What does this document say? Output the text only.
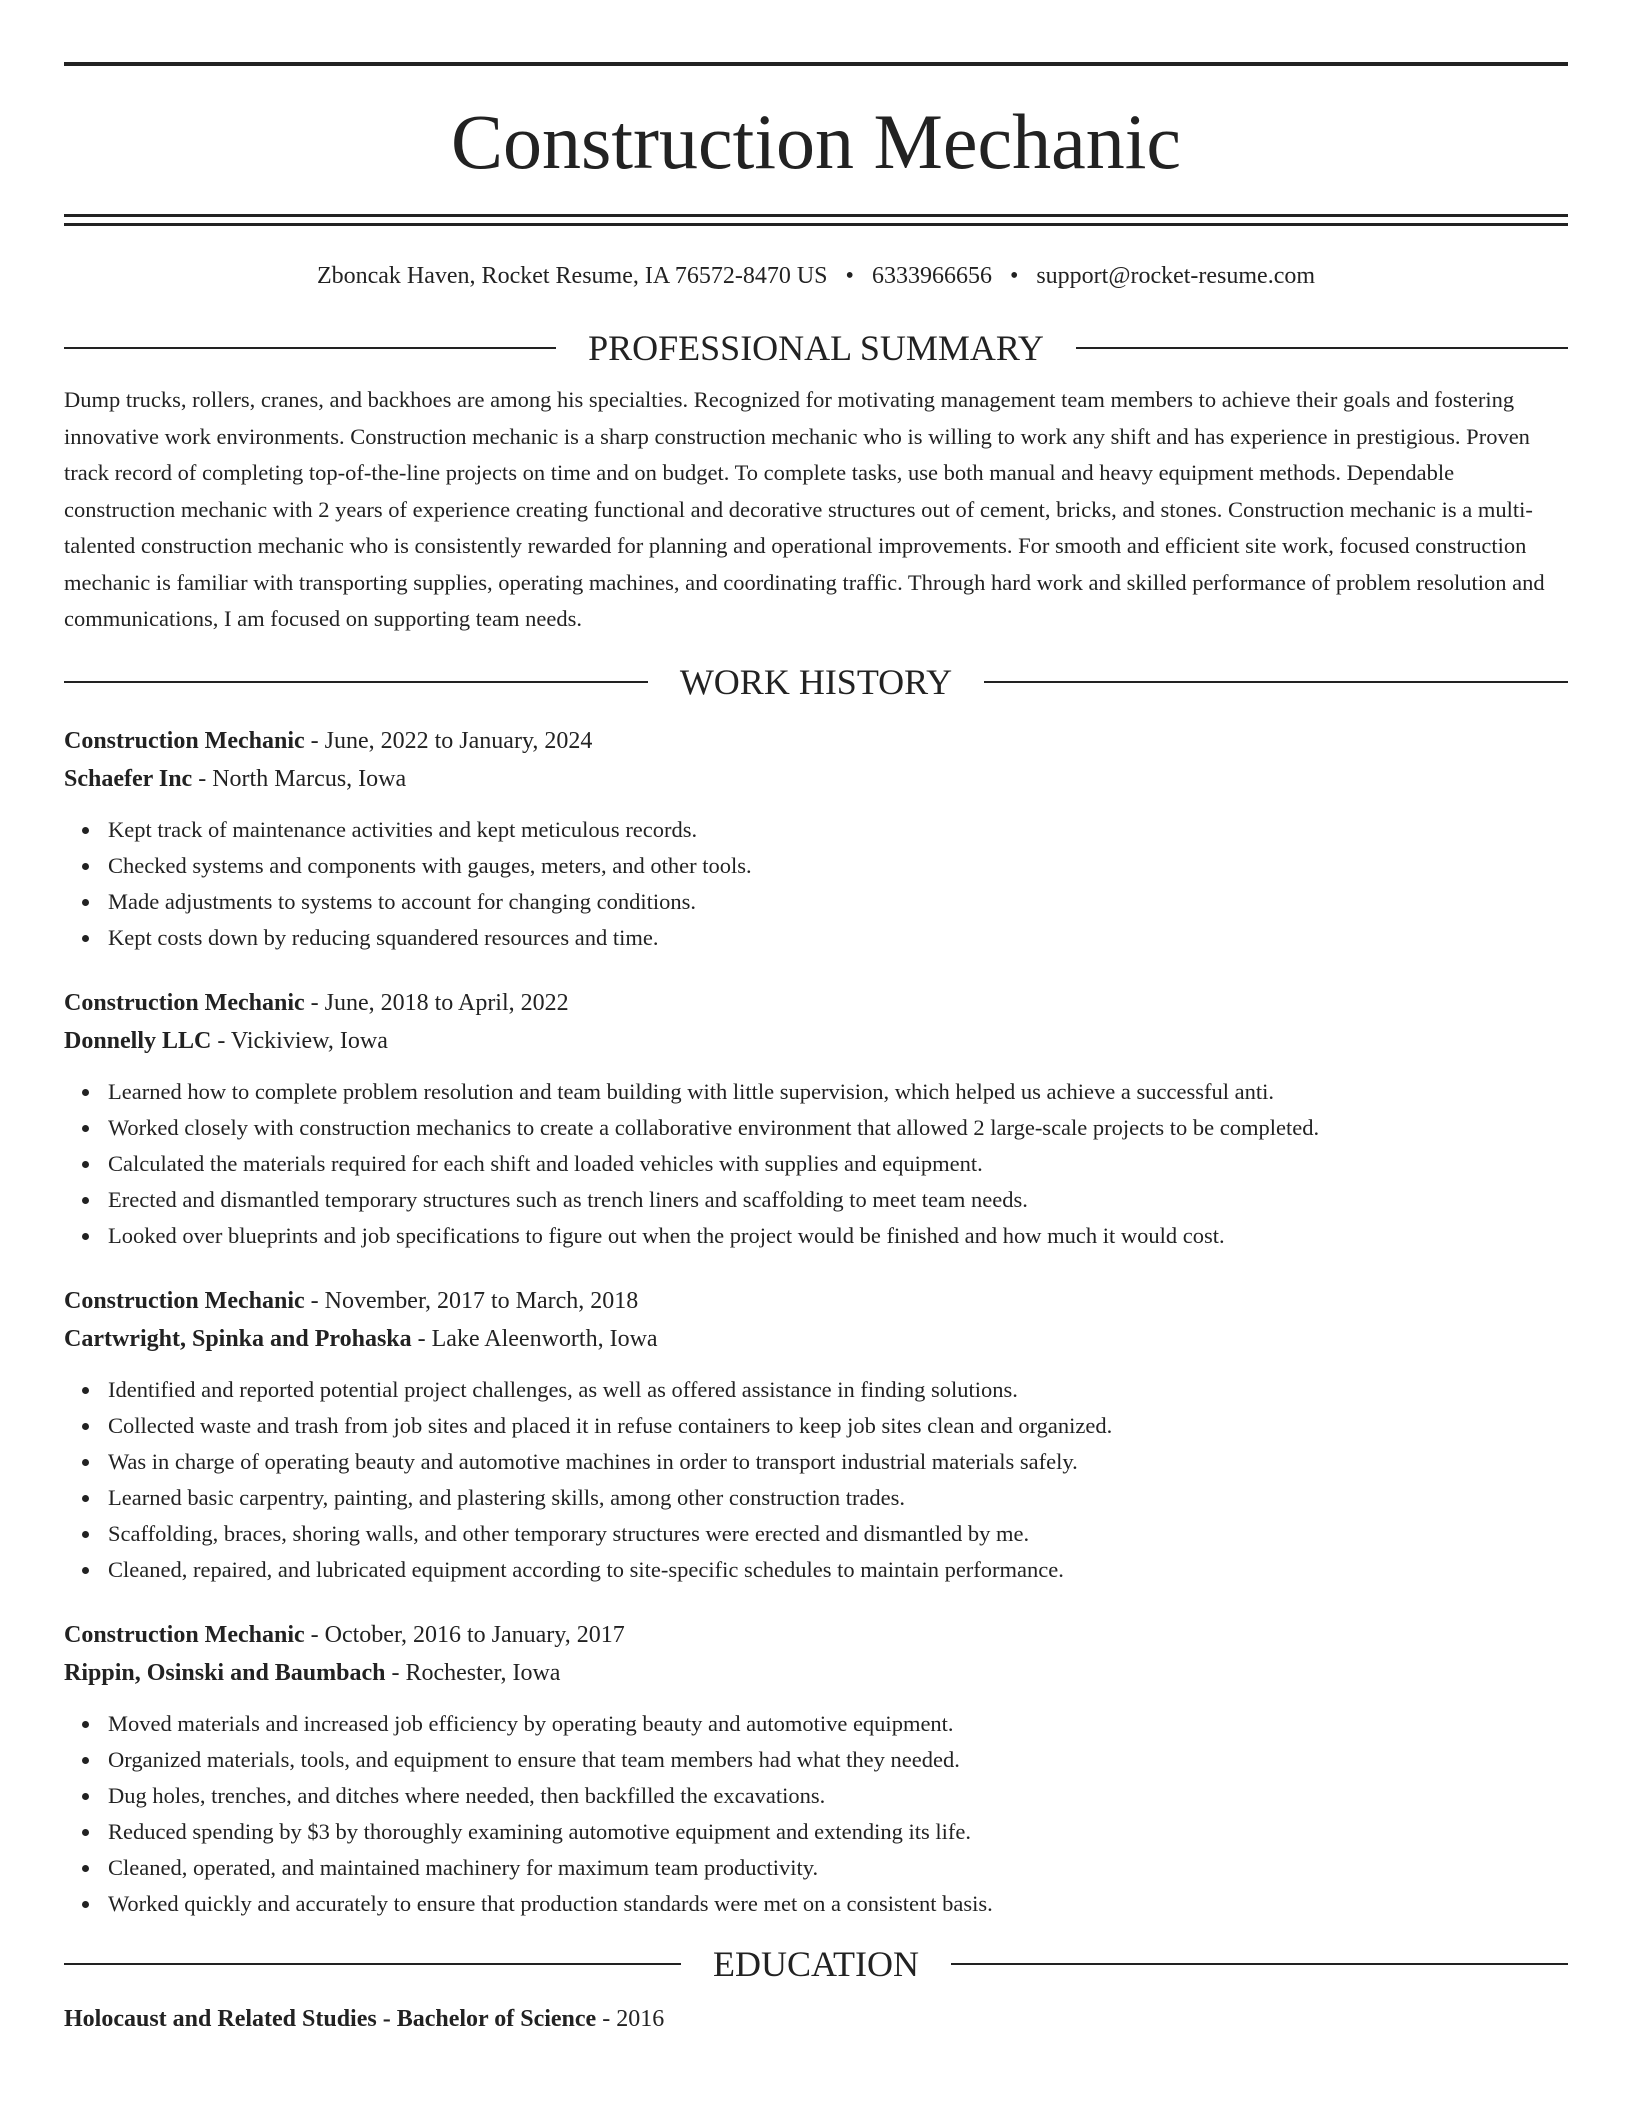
Construction Mechanic
Zboncak Haven, Rocket Resume, IA 76572-8470 US • 6333966656 • support@rocket-resume.com
PROFESSIONAL SUMMARY

Dump trucks, rollers, cranes, and backhoes are among his specialties. Recognized for motivating management team members to achieve their goals and fostering innovative work environments. Construction mechanic is a sharp construction mechanic who is willing to work any shift and has experience in prestigious. Proven track record of completing top-of-the-line projects on time and on budget. To complete tasks, use both manual and heavy equipment methods. Dependable construction mechanic with 2 years of experience creating functional and decorative structures out of cement, bricks, and stones. Construction mechanic is a multi-talented construction mechanic who is consistently rewarded for planning and operational improvements. For smooth and efficient site work, focused construction mechanic is familiar with transporting supplies, operating machines, and coordinating traffic. Through hard work and skilled performance of problem resolution and communications, I am focused on supporting team needs.

WORK HISTORY
Construction Mechanic - June, 2022 to January, 2024
Schaefer Inc - North Marcus, Iowa
Kept track of maintenance activities and kept meticulous records.
Checked systems and components with gauges, meters, and other tools.
Made adjustments to systems to account for changing conditions.
Kept costs down by reducing squandered resources and time.
Construction Mechanic - June, 2018 to April, 2022
Donnelly LLC - Vickiview, Iowa
Learned how to complete problem resolution and team building with little supervision, which helped us achieve a successful anti.
Worked closely with construction mechanics to create a collaborative environment that allowed 2 large-scale projects to be completed.
Calculated the materials required for each shift and loaded vehicles with supplies and equipment.
Erected and dismantled temporary structures such as trench liners and scaffolding to meet team needs.
Looked over blueprints and job specifications to figure out when the project would be finished and how much it would cost.
Construction Mechanic - November, 2017 to March, 2018
Cartwright, Spinka and Prohaska - Lake Aleenworth, Iowa
Identified and reported potential project challenges, as well as offered assistance in finding solutions.
Collected waste and trash from job sites and placed it in refuse containers to keep job sites clean and organized.
Was in charge of operating beauty and automotive machines in order to transport industrial materials safely.
Learned basic carpentry, painting, and plastering skills, among other construction trades.
Scaffolding, braces, shoring walls, and other temporary structures were erected and dismantled by me.
Cleaned, repaired, and lubricated equipment according to site-specific schedules to maintain performance.
Construction Mechanic - October, 2016 to January, 2017
Rippin, Osinski and Baumbach - Rochester, Iowa
Moved materials and increased job efficiency by operating beauty and automotive equipment.
Organized materials, tools, and equipment to ensure that team members had what they needed.
Dug holes, trenches, and ditches where needed, then backfilled the excavations.
Reduced spending by $3 by thoroughly examining automotive equipment and extending its life.
Cleaned, operated, and maintained machinery for maximum team productivity.
Worked quickly and accurately to ensure that production standards were met on a consistent basis.
EDUCATION
Holocaust and Related Studies - Bachelor of Science - 2016
